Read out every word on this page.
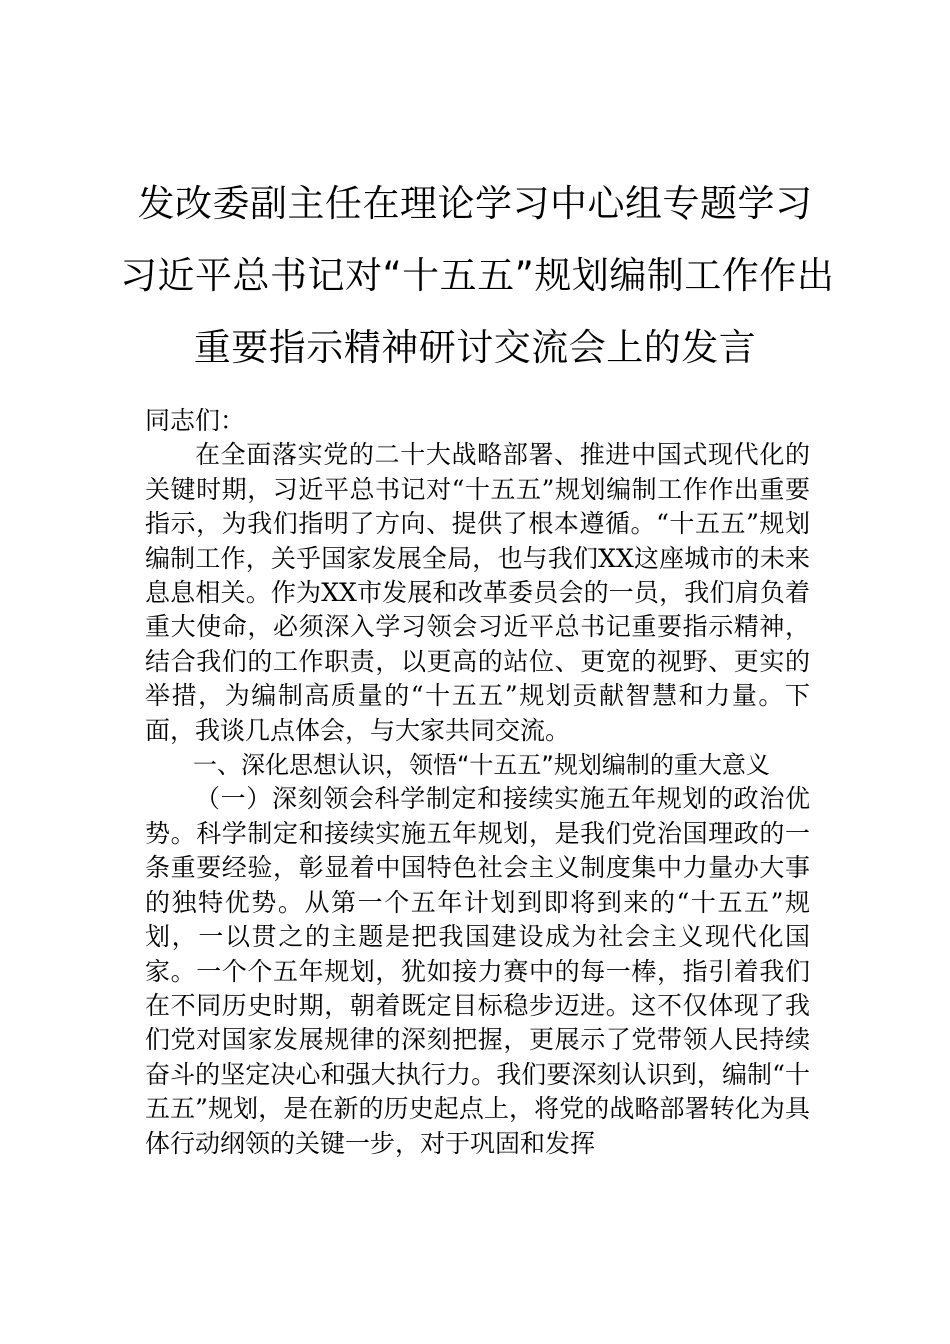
发改委副主任在理论学习中心组专题学习
习近平总书记对“十五五”规划编制工作作出
重要指示精神研讨交流会上的发言

同志们：

在全面落实党的二十大战略部署、推进中国式现代化的关键时期，习近平总书记对“十五五”规划编制工作作出重要指示，为我们指明了方向、提供了根本遵循。“十五五”规划编制工作，关乎国家发展全局，也与我们XX这座城市的未来息息相关。作为XX市发展和改革委员会的一员，我们肩负着重大使命，必须深入学习领会习近平总书记重要指示精神，结合我们的工作职责，以更高的站位、更宽的视野、更实的举措，为编制高质量的“十五五”规划贡献智慧和力量。下面，我谈几点体会，与大家共同交流。

一、深化思想认识，领悟“十五五”规划编制的重大意义

（一）深刻领会科学制定和接续实施五年规划的政治优势。科学制定和接续实施五年规划，是我们党治国理政的一条重要经验，彰显着中国特色社会主义制度集中力量办大事的独特优势。从第一个五年计划到即将到来的“十五五”规划，一以贯之的主题是把我国建设成为社会主义现代化国家。一个个五年规划，犹如接力赛中的每一棒，指引着我们在不同历史时期，朝着既定目标稳步迈进。这不仅体现了我们党对国家发展规律的深刻把握，更展示了党带领人民持续奋斗的坚定决心和强大执行力。我们要深刻认识到，编制“十五五”规划，是在新的历史起点上，将党的战略部署转化为具体行动纲领的关键一步，对于巩固和发挥
